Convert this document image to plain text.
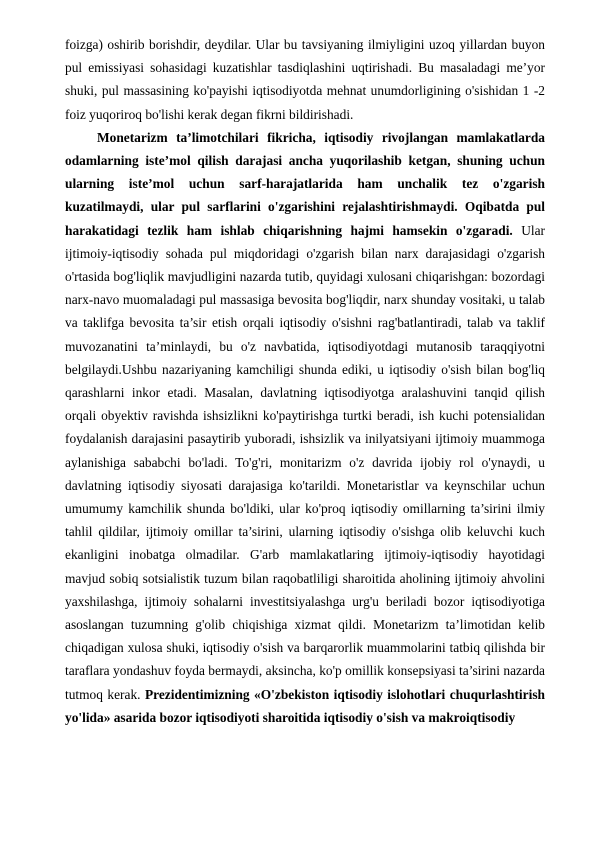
foizga) oshirib borishdir, deydilar. Ular bu tavsiyaning ilmiyligini uzoq yillardan buyon pul emissiyasi sohasidagi kuzatishlar tasdiqlashini uqtirishadi. Bu masaladagi me’yor shuki, pul massasining ko'payishi iqtisodiyotda mehnat unumdorligining o'sishidan 1 -2 foiz yuqoriroq bo'lishi kerak degan fikrni bildirishadi.

Monetarizm ta’limotchilari fikricha, iqtisodiy rivojlangan mamlakatlarda odamlarning iste’mol qilish darajasi ancha yuqorilashib ketgan, shuning uchun ularning iste’mol uchun sarf-harajatlarida ham unchalik tez o'zgarish kuzatilmaydi, ular pul sarflarini o'zgarishini rejalashtirishmaydi. Oqibatda pul harakatidagi tezlik ham ishlab chiqarishning hajmi hamsekin o'zgaradi. Ular ijtimoiy-iqtisodiy sohada pul miqdoridagi o'zgarish bilan narx darajasidagi o'zgarish o'rtasida bog'liqlik mavjudligini nazarda tutib, quyidagi xulosani chiqarishgan: bozordagi narx-navo muomaladagi pul massasiga bevosita bog'liqdir, narx shunday vositaki, u talab va taklifga bevosita ta’sir etish orqali iqtisodiy o'sishni rag'batlantiradi, talab va taklif muvozanatini ta’minlaydi, bu o'z navbatida, iqtisodiyotdagi mutanosib taraqqiyotni belgilaydi.Ushbu nazariyaning kamchiligi shunda ediki, u iqtisodiy o'sish bilan bog'liq qarashlarni inkor etadi. Masalan, davlatning iqtisodiyotga aralashuvini tanqid qilish orqali obyektiv ravishda ishsizlikni ko'paytirishga turtki beradi, ish kuchi potensialidan foydalanish darajasini pasaytirib yuboradi, ishsizlik va inilyatsiyani ijtimoiy muammoga aylanishiga sababchi bo'ladi. To'g'ri, monitarizm o'z davrida ijobiy rol o'ynaydi, u davlatning iqtisodiy siyosati darajasiga ko'tarildi. Monetaristlar va keynschilar uchun umumumy kamchilik shunda bo'ldiki, ular ko'proq iqtisodiy omillarning ta’sirini ilmiy tahlil qildilar, ijtimoiy omillar ta’sirini, ularning iqtisodiy o'sishga olib keluvchi kuch ekanligini inobatga olmadilar. G'arb mamlakatlaring ijtimoiy-iqtisodiy hayotidagi mavjud sobiq sotsialistik tuzum bilan raqobatliligi sharoitida aholining ijtimoiy ahvolini yaxshilashga, ijtimoiy sohalarni investitsiyalashga urg'u beriladi bozor iqtisodiyotiga asoslangan tuzumning g'olib chiqishiga xizmat qildi. Monetarizm ta’limotidan kelib chiqadigan xulosa shuki, iqtisodiy o'sish va barqarorlik muammolarini tatbiq qilishda bir taraflara yondashuv foyda bermaydi, aksincha, ko'p omillik konsepsiyasi ta’sirini nazarda tutmoq kerak. Prezidentimizning «O'zbekiston iqtisodiy islohotlari chuqurlashtirish yo'lida» asarida bozor iqtisodiyoti sharoitida iqtisodiy o'sish va makroiqtisodiy
